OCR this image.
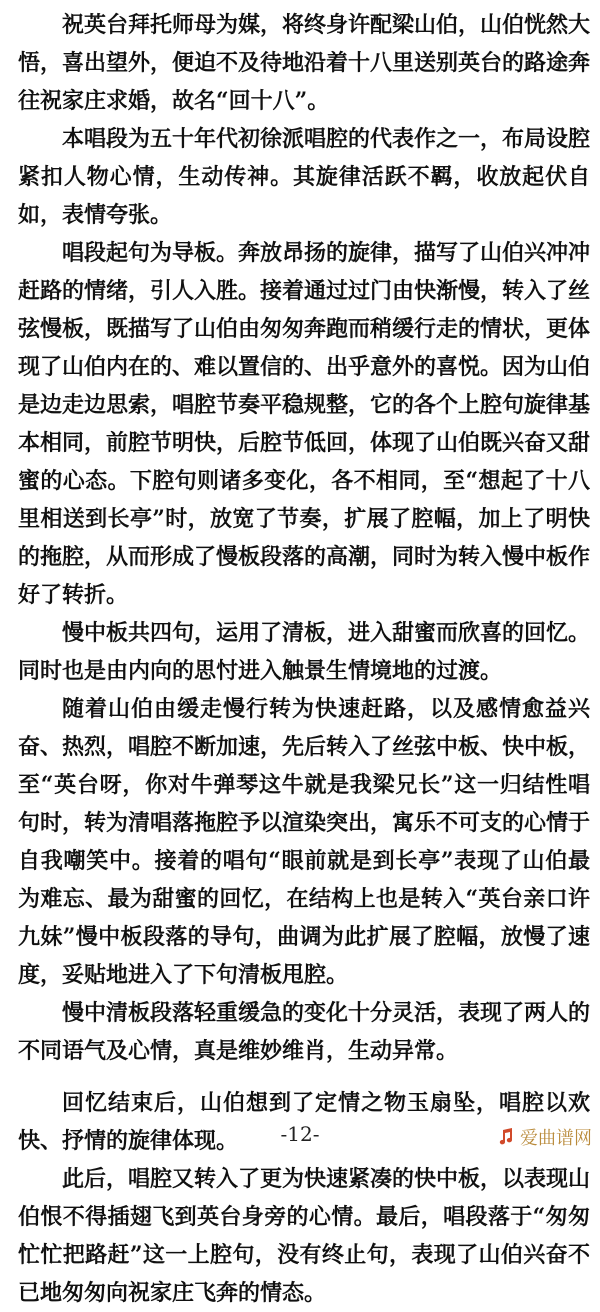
祝英台拜托师母为媒，将终身许配梁山伯，山伯恍然大悟，喜出望外，便迫不及待地沿着十八里送别英台的路途奔往祝家庄求婚，故名“回十八”。

本唱段为五十年代初徐派唱腔的代表作之一，布局设腔紧扣人物心情，生动传神。其旋律活跃不羁，收放起伏自如，表情夸张。

唱段起句为导板。奔放昂扬的旋律，描写了山伯兴冲冲赶路的情绪，引人入胜。接着通过过门由快渐慢，转入了丝弦慢板，既描写了山伯由匆匆奔跑而稍缓行走的情状，更体现了山伯内在的、难以置信的、出乎意外的喜悦。因为山伯是边走边思索，唱腔节奏平稳规整，它的各个上腔句旋律基本相同，前腔节明快，后腔节低回，体现了山伯既兴奋又甜蜜的心态。下腔句则诸多变化，各不相同，至“想起了十八里相送到长亭”时，放宽了节奏，扩展了腔幅，加上了明快的拖腔，从而形成了慢板段落的高潮，同时为转入慢中板作好了转折。

慢中板共四句，运用了清板，进入甜蜜而欣喜的回忆。同时也是由内向的思忖进入触景生情境地的过渡。

随着山伯由缓走慢行转为快速赶路，以及感情愈益兴奋、热烈，唱腔不断加速，先后转入了丝弦中板、快中板，至“英台呀，你对牛弹琴这牛就是我梁兄长”这一归结性唱句时，转为清唱落拖腔予以渲染突出，寓乐不可支的心情于自我嘲笑中。接着的唱句“眼前就是到长亭”表现了山伯最为难忘、最为甜蜜的回忆，在结构上也是转入“英台亲口许九妹”慢中板段落的导句，曲调为此扩展了腔幅，放慢了速度，妥贴地进入了下句清板甩腔。

慢中清板段落轻重缓急的变化十分灵活，表现了两人的不同语气及心情，真是维妙维肖，生动异常。

回忆结束后，山伯想到了定情之物玉扇坠，唱腔以欢快、抒情的旋律体现。

此后，唱腔又转入了更为快速紧凑的快中板，以表现山伯恨不得插翅飞到英台身旁的心情。最后，唱段落于“匆匆忙忙把路赶”这一上腔句，没有终止句，表现了山伯兴奋不已地匆匆向祝家庄飞奔的情态。

-12-	爱曲谱网
